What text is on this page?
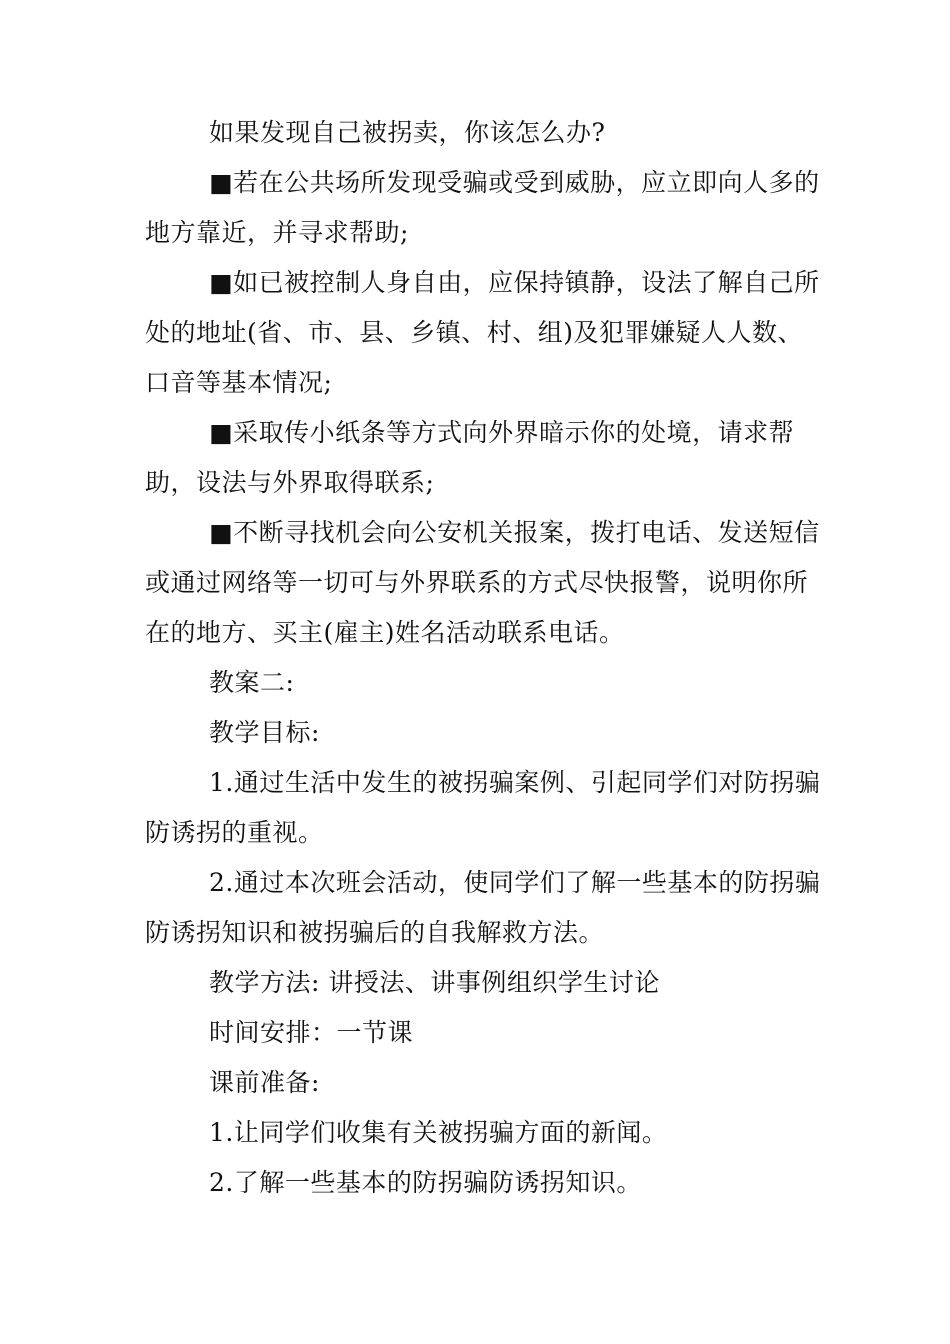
如果发现自己被拐卖，你该怎么办?

■若在公共场所发现受骗或受到威胁，应立即向人多的地方靠近，并寻求帮助;

■如已被控制人身自由，应保持镇静，设法了解自己所处的地址(省、市、县、乡镇、村、组)及犯罪嫌疑人人数、口音等基本情况;

■采取传小纸条等方式向外界暗示你的处境，请求帮助，设法与外界取得联系;

■不断寻找机会向公安机关报案，拨打电话、发送短信或通过网络等一切可与外界联系的方式尽快报警，说明你所在的地方、买主(雇主)姓名活动联系电话。

教案二:

教学目标:

1.通过生活中发生的被拐骗案例、引起同学们对防拐骗防诱拐的重视。

2.通过本次班会活动，使同学们了解一些基本的防拐骗防诱拐知识和被拐骗后的自我解救方法。

教学方法: 讲授法、讲事例组织学生讨论

时间安排：一节课

课前准备:

1.让同学们收集有关被拐骗方面的新闻。

2.了解一些基本的防拐骗防诱拐知识。
